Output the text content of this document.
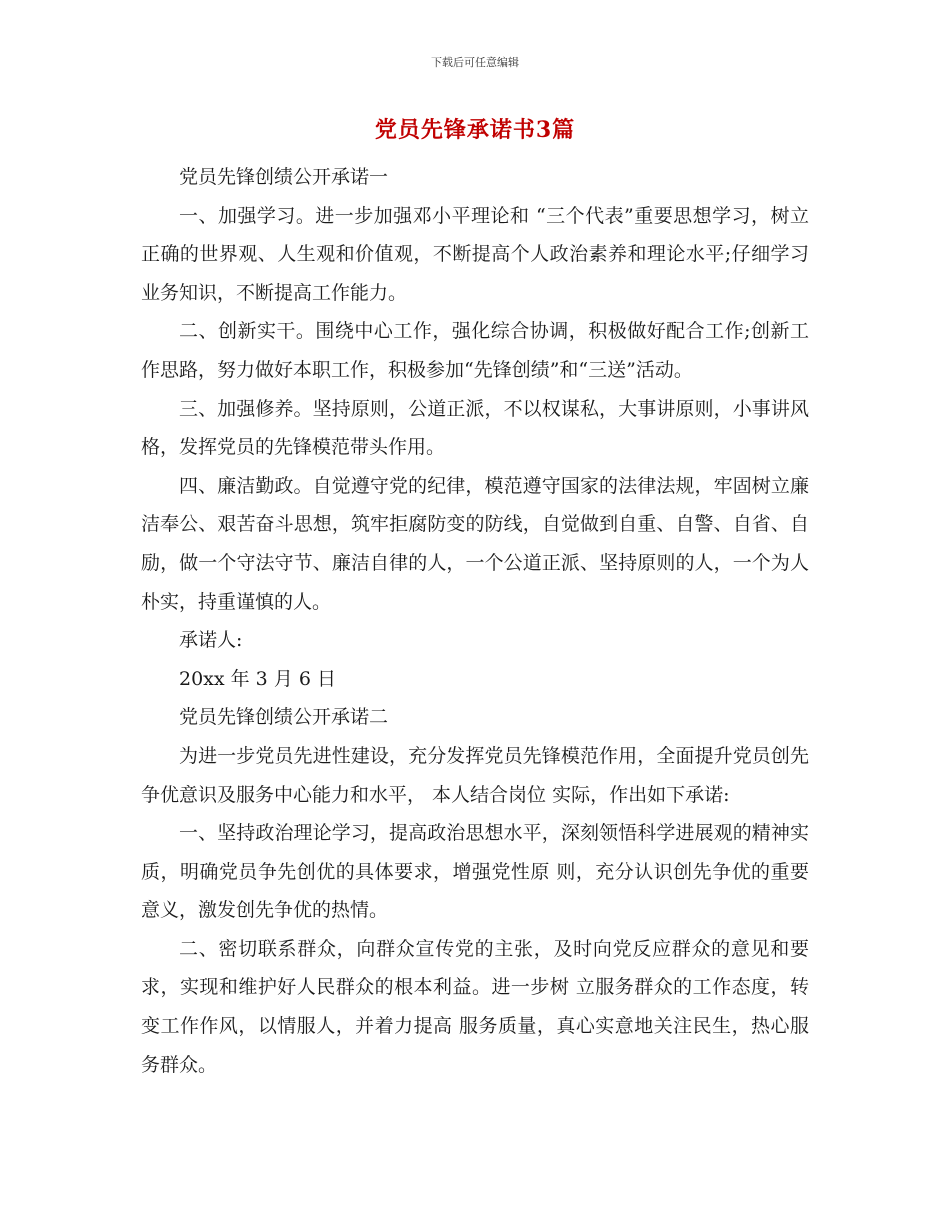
下载后可任意编辑
党员先锋承诺书3篇

党员先锋创绩公开承诺一

一、加强学习。进一步加强邓小平理论和 “三个代表”重要思想学习，树立正确的世界观、人生观和价值观，不断提高个人政治素养和理论水平;仔细学习业务知识，不断提高工作能力。

二、创新实干。围绕中心工作，强化综合协调，积极做好配合工作;创新工作思路，努力做好本职工作，积极参加“先锋创绩”和“三送”活动。

三、加强修养。坚持原则，公道正派，不以权谋私，大事讲原则，小事讲风格，发挥党员的先锋模范带头作用。

四、廉洁勤政。自觉遵守党的纪律，模范遵守国家的法律法规，牢固树立廉洁奉公、艰苦奋斗思想，筑牢拒腐防变的防线，自觉做到自重、自警、自省、自励，做一个守法守节、廉洁自律的人，一个公道正派、坚持原则的人，一个为人朴实，持重谨慎的人。

承诺人:

20xx 年 3 月 6 日

党员先锋创绩公开承诺二

为进一步党员先进性建设，充分发挥党员先锋模范作用，全面提升党员创先争优意识及服务中心能力和水平， 本人结合岗位 实际，作出如下承诺:

一、坚持政治理论学习，提高政治思想水平，深刻领悟科学进展观的精神实质，明确党员争先创优的具体要求，增强党性原 则，充分认识创先争优的重要意义，激发创先争优的热情。

二、密切联系群众，向群众宣传党的主张，及时向党反应群众的意见和要求，实现和维护好人民群众的根本利益。进一步树 立服务群众的工作态度，转变工作作风，以情服人，并着力提高 服务质量，真心实意地关注民生，热心服务群众。
